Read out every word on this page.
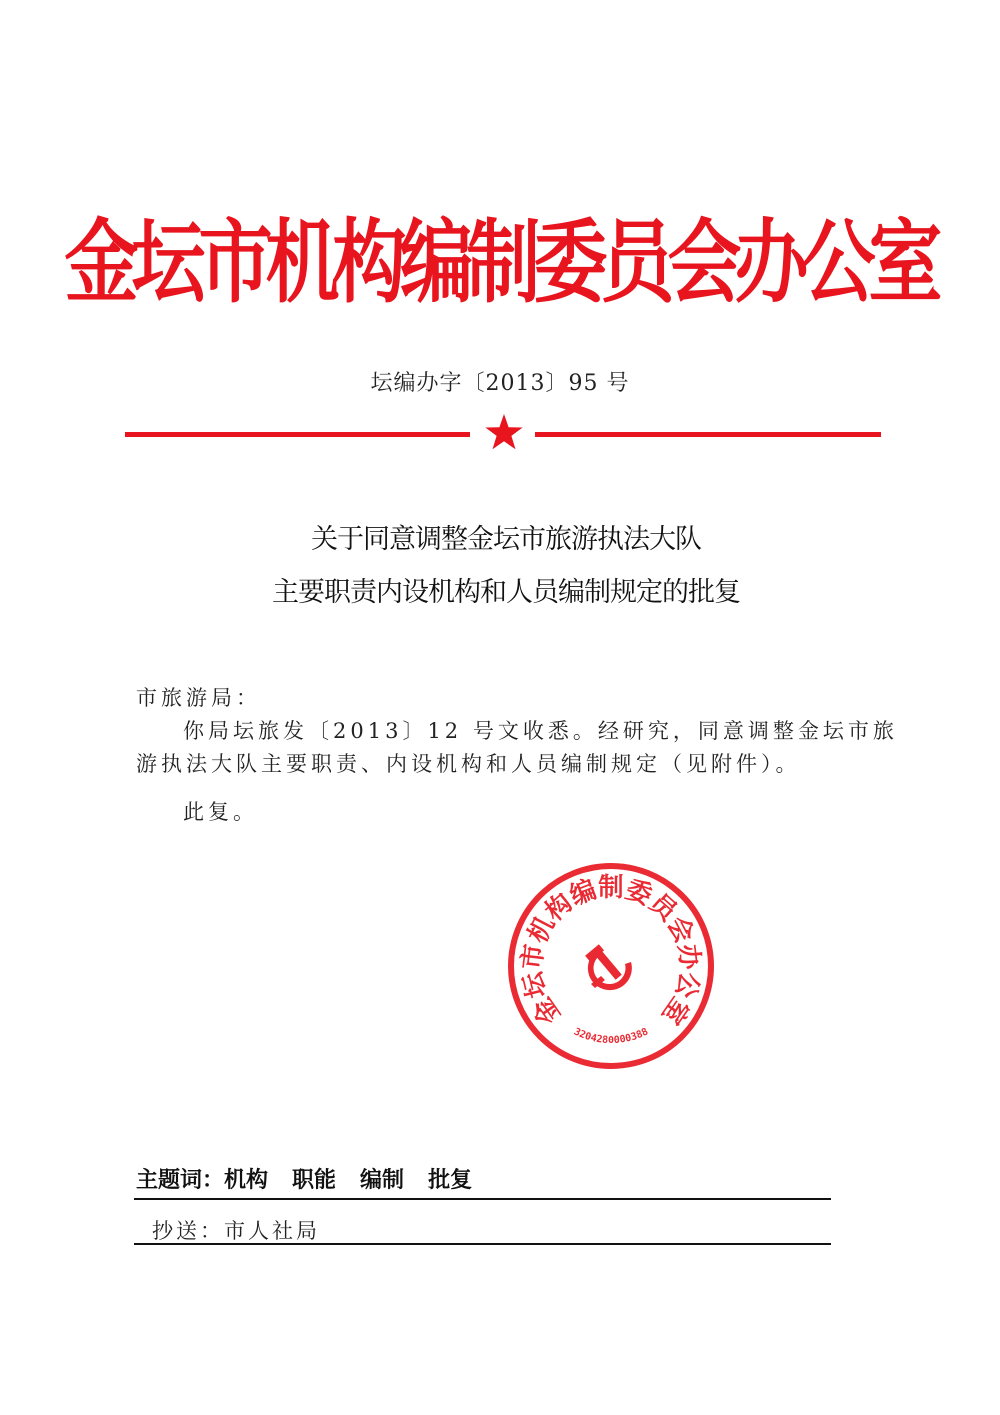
金坛市机构编制委员会办公室
坛编办字〔2013〕95 号
关于同意调整金坛市旅游执法大队
主要职责内设机构和人员编制规定的批复
市旅游局：
你局坛旅发〔2013〕12 号文收悉。经研究，同意调整金坛市旅
游执法大队主要职责、内设机构和人员编制规定（见附件）。
此复。
金坛市机构编制委员会办公室
3204280000388
主题词：机构 职能 编制 批复
抄送：市人社局
